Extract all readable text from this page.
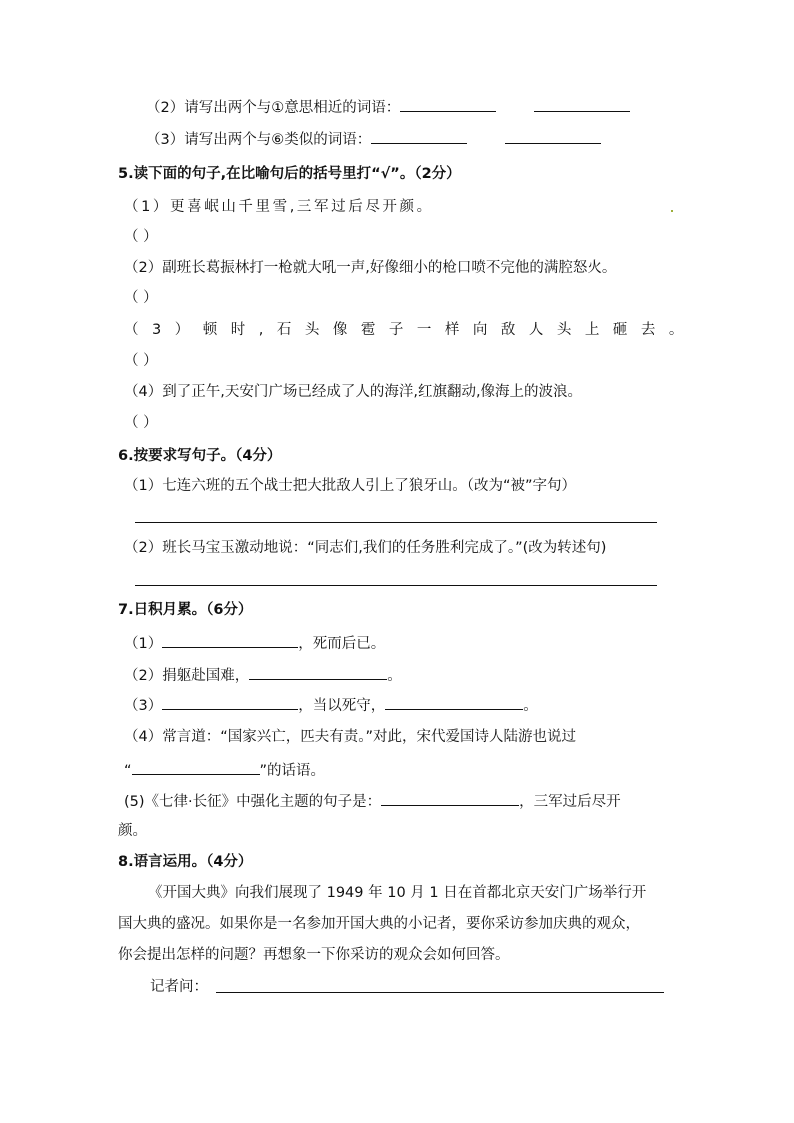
（2）请写出两个与①意思相近的词语：
（3）请写出两个与⑥类似的词语：
5.读下面的句子,在比喻句后的括号里打“√”。（2分）
（1）更喜岷山千里雪,三军过后尽开颜。
（ ）
（2）副班长葛振林打一枪就大吼一声,好像细小的枪口喷不完他的满腔怒火。
（ ）
（3）顿时,石头像雹子一样向敌人头上砸去。
（ ）
（4）到了正午,天安门广场已经成了人的海洋,红旗翻动,像海上的波浪。
（ ）
6.按要求写句子。（4分）
（1）七连六班的五个战士把大批敌人引上了狼牙山。（改为“被”字句）
（2）班长马宝玉激动地说：“同志们,我们的任务胜利完成了。”(改为转述句)
7.日积月累。（6分）
（1）	，死而后已。
（2）捐躯赴国难，	。
（3）	，当以死守，	。
（4）常言道：“国家兴亡，匹夫有责。”对此，宋代爱国诗人陆游也说过
“	”的话语。
(5)《七律·长征》中强化主题的句子是：	，三军过后尽开
颜。
8.语言运用。（4分）
《开国大典》向我们展现了 1949 年 10 月 1 日在首都北京天安门广场举行开
国大典的盛况。如果你是一名参加开国大典的小记者，要你采访参加庆典的观众，
你会提出怎样的问题？再想象一下你采访的观众会如何回答。
记者问：
